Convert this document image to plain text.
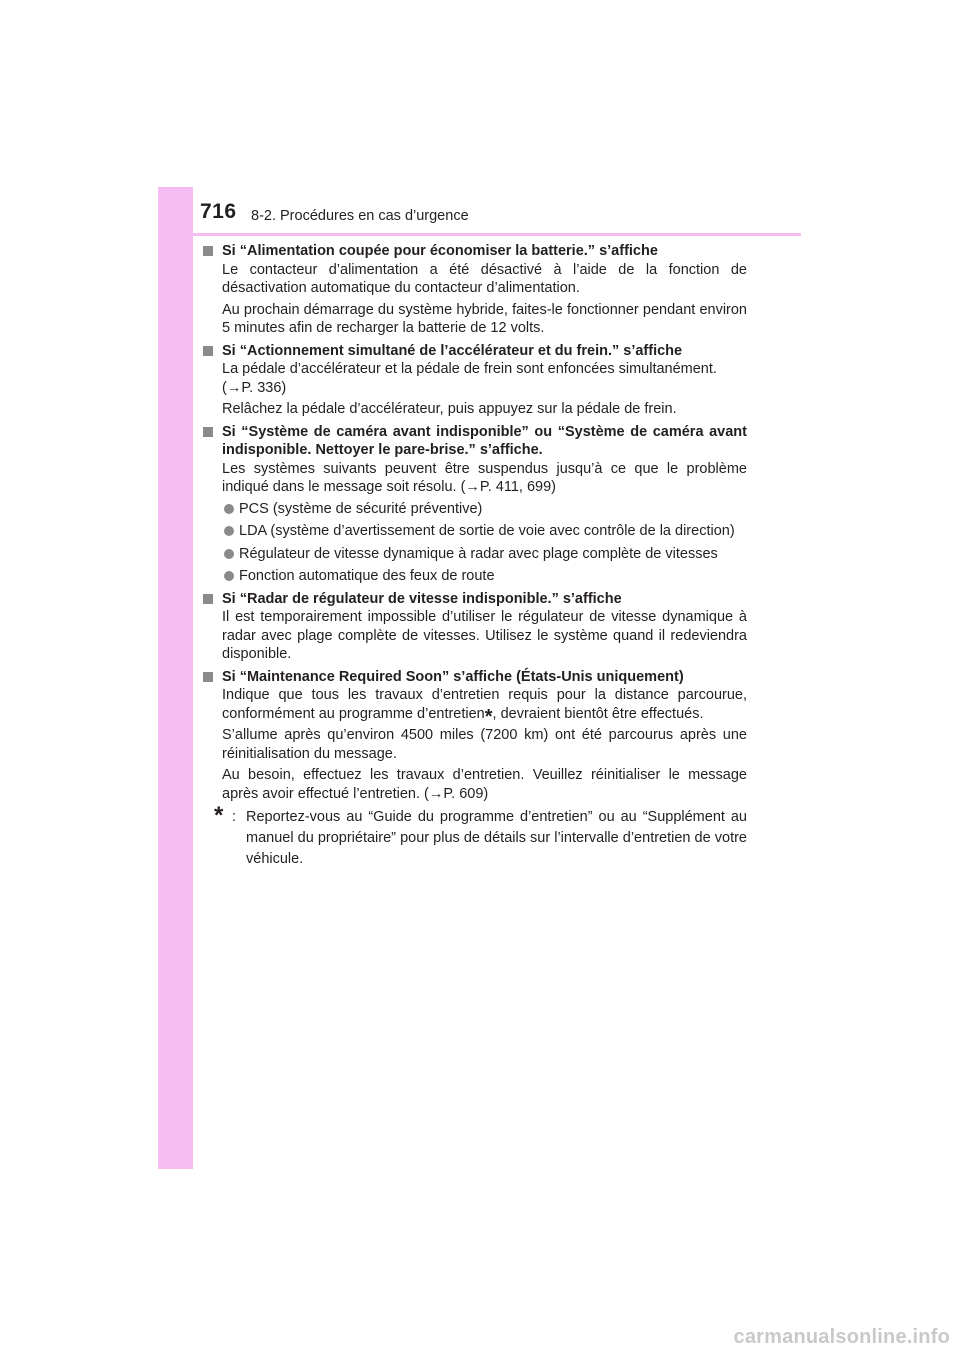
716 8-2. Procédures en cas d’urgence

Si “Alimentation coupée pour économiser la batterie.” s’affiche

Le contacteur d’alimentation a été désactivé à l’aide de la fonction de désactivation automatique du contacteur d’alimentation.

Au prochain démarrage du système hybride, faites-le fonctionner pendant environ 5 minutes afin de recharger la batterie de 12 volts.

Si “Actionnement simultané de l’accélérateur et du frein.” s’affiche

La pédale d’accélérateur et la pédale de frein sont enfoncées simultanément.
(→P. 336)

Relâchez la pédale d’accélérateur, puis appuyez sur la pédale de frein.

Si “Système de caméra avant indisponible” ou “Système de caméra avant indisponible. Nettoyer le pare-brise.” s’affiche.

Les systèmes suivants peuvent être suspendus jusqu’à ce que le problème indiqué dans le message soit résolu. (→P. 411, 699)

PCS (système de sécurité préventive)

LDA (système d’avertissement de sortie de voie avec contrôle de la direction)

Régulateur de vitesse dynamique à radar avec plage complète de vitesses

Fonction automatique des feux de route

Si “Radar de régulateur de vitesse indisponible.” s’affiche

Il est temporairement impossible d’utiliser le régulateur de vitesse dynamique à radar avec plage complète de vitesses. Utilisez le système quand il redeviendra disponible.

Si “Maintenance Required Soon” s’affiche (États-Unis uniquement)

Indique que tous les travaux d’entretien requis pour la distance parcourue, conformément au programme d’entretien*, devraient bientôt être effectués.

S’allume après qu’environ 4500 miles (7200 km) ont été parcourus après une réinitialisation du message.

Au besoin, effectuez les travaux d’entretien. Veuillez réinitialiser le message après avoir effectué l’entretien. (→P. 609)

* : Reportez-vous au “Guide du programme d’entretien” ou au “Supplément au manuel du propriétaire” pour plus de détails sur l’intervalle d’entretien de votre véhicule.
carmanualsonline.info
